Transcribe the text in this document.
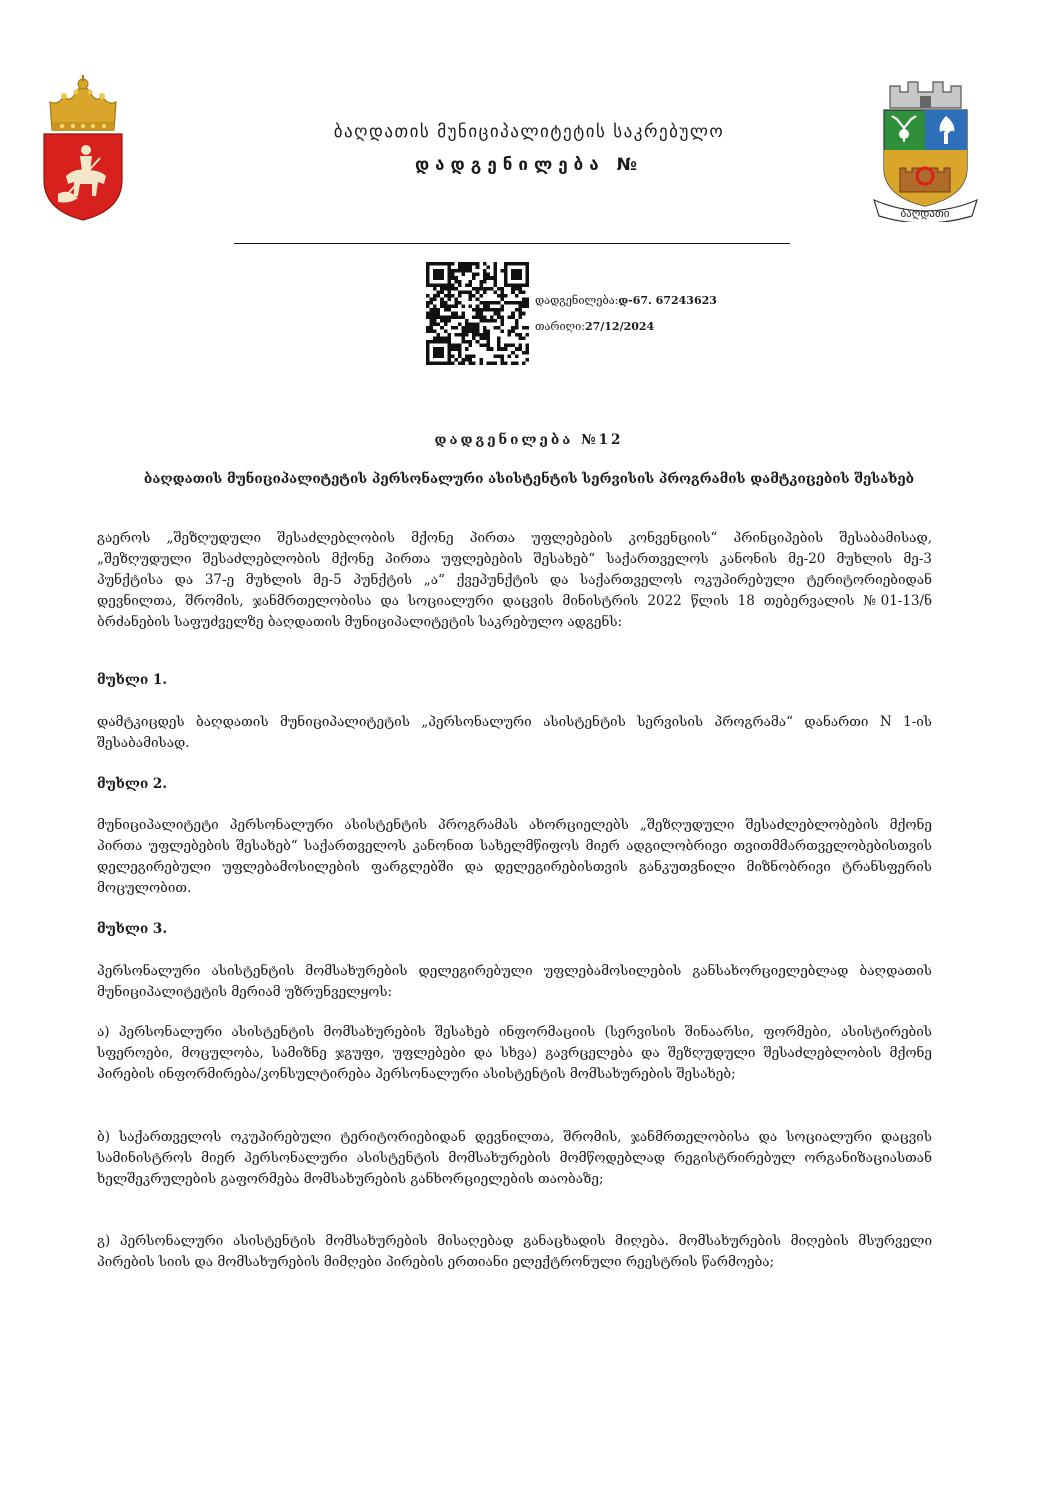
ბაღდათის მუნიციპალიტეტის საკრებულო
დადგენილება №
ბაღდათი
დადგენილება:დ-67. 67243623
თარიღი:27/12/2024
დადგენილება №12
ბაღდათის მუნიციპალიტეტის პერსონალური ასისტენტის სერვისის პროგრამის დამტკიცების შესახებ

გაეროს „შეზღუდული შესაძლებლობის მქონე პირთა უფლებების კონვენციის“ პრინციპების შესაბამისად, „შეზღუდული შესაძლებლობის მქონე პირთა უფლებების შესახებ“ საქართველოს კანონის მე-20 მუხლის მე-3 პუნქტისა და 37-ე მუხლის მე-5 პუნქტის „ა“ ქვეპუნქტის და საქართველოს ოკუპირებული ტერიტორიებიდან დევნილთა, შრომის, ჯანმრთელობისა და სოციალური დაცვის მინისტრის 2022 წლის 18 თებერვალის №01-13/ნ ბრძანების საფუძველზე ბაღდათის მუნიციპალიტეტის საკრებულო ადგენს:

მუხლი 1.

დამტკიცდეს ბაღდათის მუნიციპალიტეტის „პერსონალური ასისტენტის სერვისის პროგრამა“ დანართი N 1-ის შესაბამისად.

მუხლი 2.

მუნიციპალიტეტი პერსონალური ასისტენტის პროგრამას ახორციელებს „შეზღუდული შესაძლებლობების მქონე პირთა უფლებების შესახებ“ საქართველოს კანონით სახელმწიფოს მიერ ადგილობრივი თვითმმართველობებისთვის დელეგირებული უფლებამოსილების ფარგლებში და დელეგირებისთვის განკუთვნილი მიზნობრივი ტრანსფერის მოცულობით.

მუხლი 3.

პერსონალური ასისტენტის მომსახურების დელეგირებული უფლებამოსილების განსახორციელებლად ბაღდათის მუნიციპალიტეტის მერიამ უზრუნველყოს:

ა) პერსონალური ასისტენტის მომსახურების შესახებ ინფორმაციის (სერვისის შინაარსი, ფორმები, ასისტირების სფეროები, მოცულობა, სამიზნე ჯგუფი, უფლებები და სხვა) გავრცელება და შეზღუდული შესაძლებლობის მქონე პირების ინფორმირება/კონსულტირება პერსონალური ასისტენტის მომსახურების შესახებ;

ბ) საქართველოს ოკუპირებული ტერიტორიებიდან დევნილთა, შრომის, ჯანმრთელობისა და სოციალური დაცვის სამინისტროს მიერ პერსონალური ასისტენტის მომსახურების მომწოდებლად რეგისტრირებულ ორგანიზაციასთან ხელშეკრულების გაფორმება მომსახურების განხორციელების თაობაზე;

გ) პერსონალური ასისტენტის მომსახურების მისაღებად განაცხადის მიღება. მომსახურების მიღების მსურველი პირების სიის და მომსახურების მიმღები პირების ერთიანი ელექტრონული რეესტრის წარმოება;
